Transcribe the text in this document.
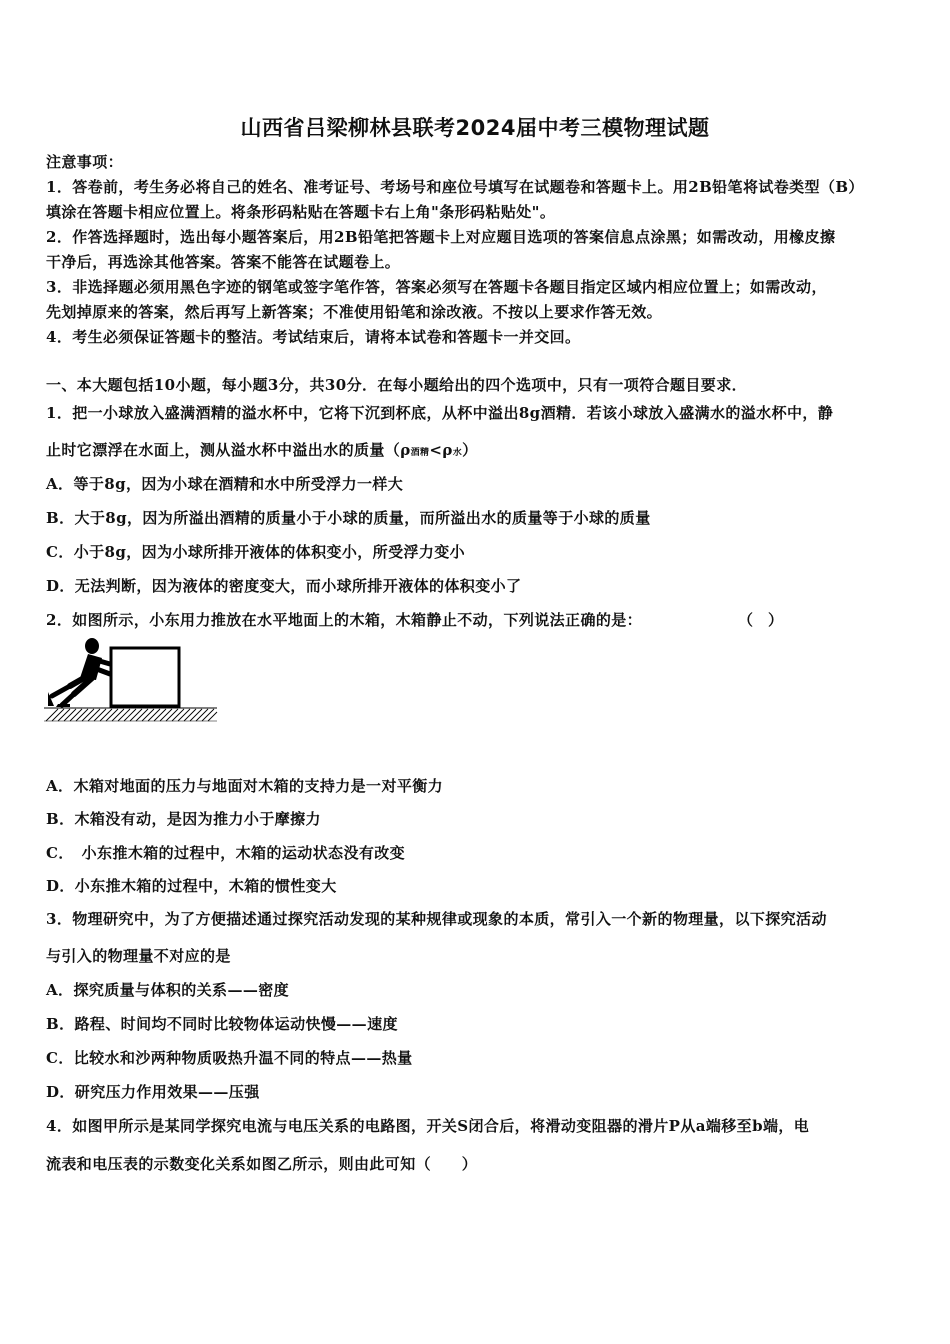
山西省吕梁柳林县联考2024届中考三模物理试题
注意事项：
1．答卷前，考生务必将自己的姓名、准考证号、考场号和座位号填写在试题卷和答题卡上。用2B铅笔将试卷类型（B）
填涂在答题卡相应位置上。将条形码粘贴在答题卡右上角"条形码粘贴处"。
2．作答选择题时，选出每小题答案后，用2B铅笔把答题卡上对应题目选项的答案信息点涂黑；如需改动，用橡皮擦
干净后，再选涂其他答案。答案不能答在试题卷上。
3．非选择题必须用黑色字迹的钢笔或签字笔作答，答案必须写在答题卡各题目指定区域内相应位置上；如需改动，
先划掉原来的答案，然后再写上新答案；不准使用铅笔和涂改液。不按以上要求作答无效。
4．考生必须保证答题卡的整洁。考试结束后，请将本试卷和答题卡一并交回。
一、本大题包括10小题，每小题3分，共30分．在每小题给出的四个选项中，只有一项符合题目要求．
1．把一小球放入盛满酒精的溢水杯中，它将下沉到杯底，从杯中溢出8g酒精．若该小球放入盛满水的溢水杯中，静
止时它漂浮在水面上，测从溢水杯中溢出水的质量（ρ酒精<ρ水）
A．等于8g，因为小球在酒精和水中所受浮力一样大
B．大于8g，因为所溢出酒精的质量小于小球的质量，而所溢出水的质量等于小球的质量
C．小于8g，因为小球所排开液体的体积变小，所受浮力变小
D．无法判断，因为液体的密度变大，而小球所排开液体的体积变小了
2．如图所示，小东用力推放在水平地面上的木箱，木箱静止不动，下列说法正确的是：	（　）
A．木箱对地面的压力与地面对木箱的支持力是一对平衡力
B．木箱没有动，是因为推力小于摩擦力
C．　小东推木箱的过程中，木箱的运动状态没有改变
D．小东推木箱的过程中，木箱的惯性变大
3．物理研究中，为了方便描述通过探究活动发现的某种规律或现象的本质，常引入一个新的物理量，以下探究活动
与引入的物理量不对应的是
A．探究质量与体积的关系——密度
B．路程、时间均不同时比较物体运动快慢——速度
C．比较水和沙两种物质吸热升温不同的特点——热量
D．研究压力作用效果——压强
4．如图甲所示是某同学探究电流与电压关系的电路图，开关S闭合后，将滑动变阻器的滑片P从a端移至b端，电
流表和电压表的示数变化关系如图乙所示，则由此可知（　　）
